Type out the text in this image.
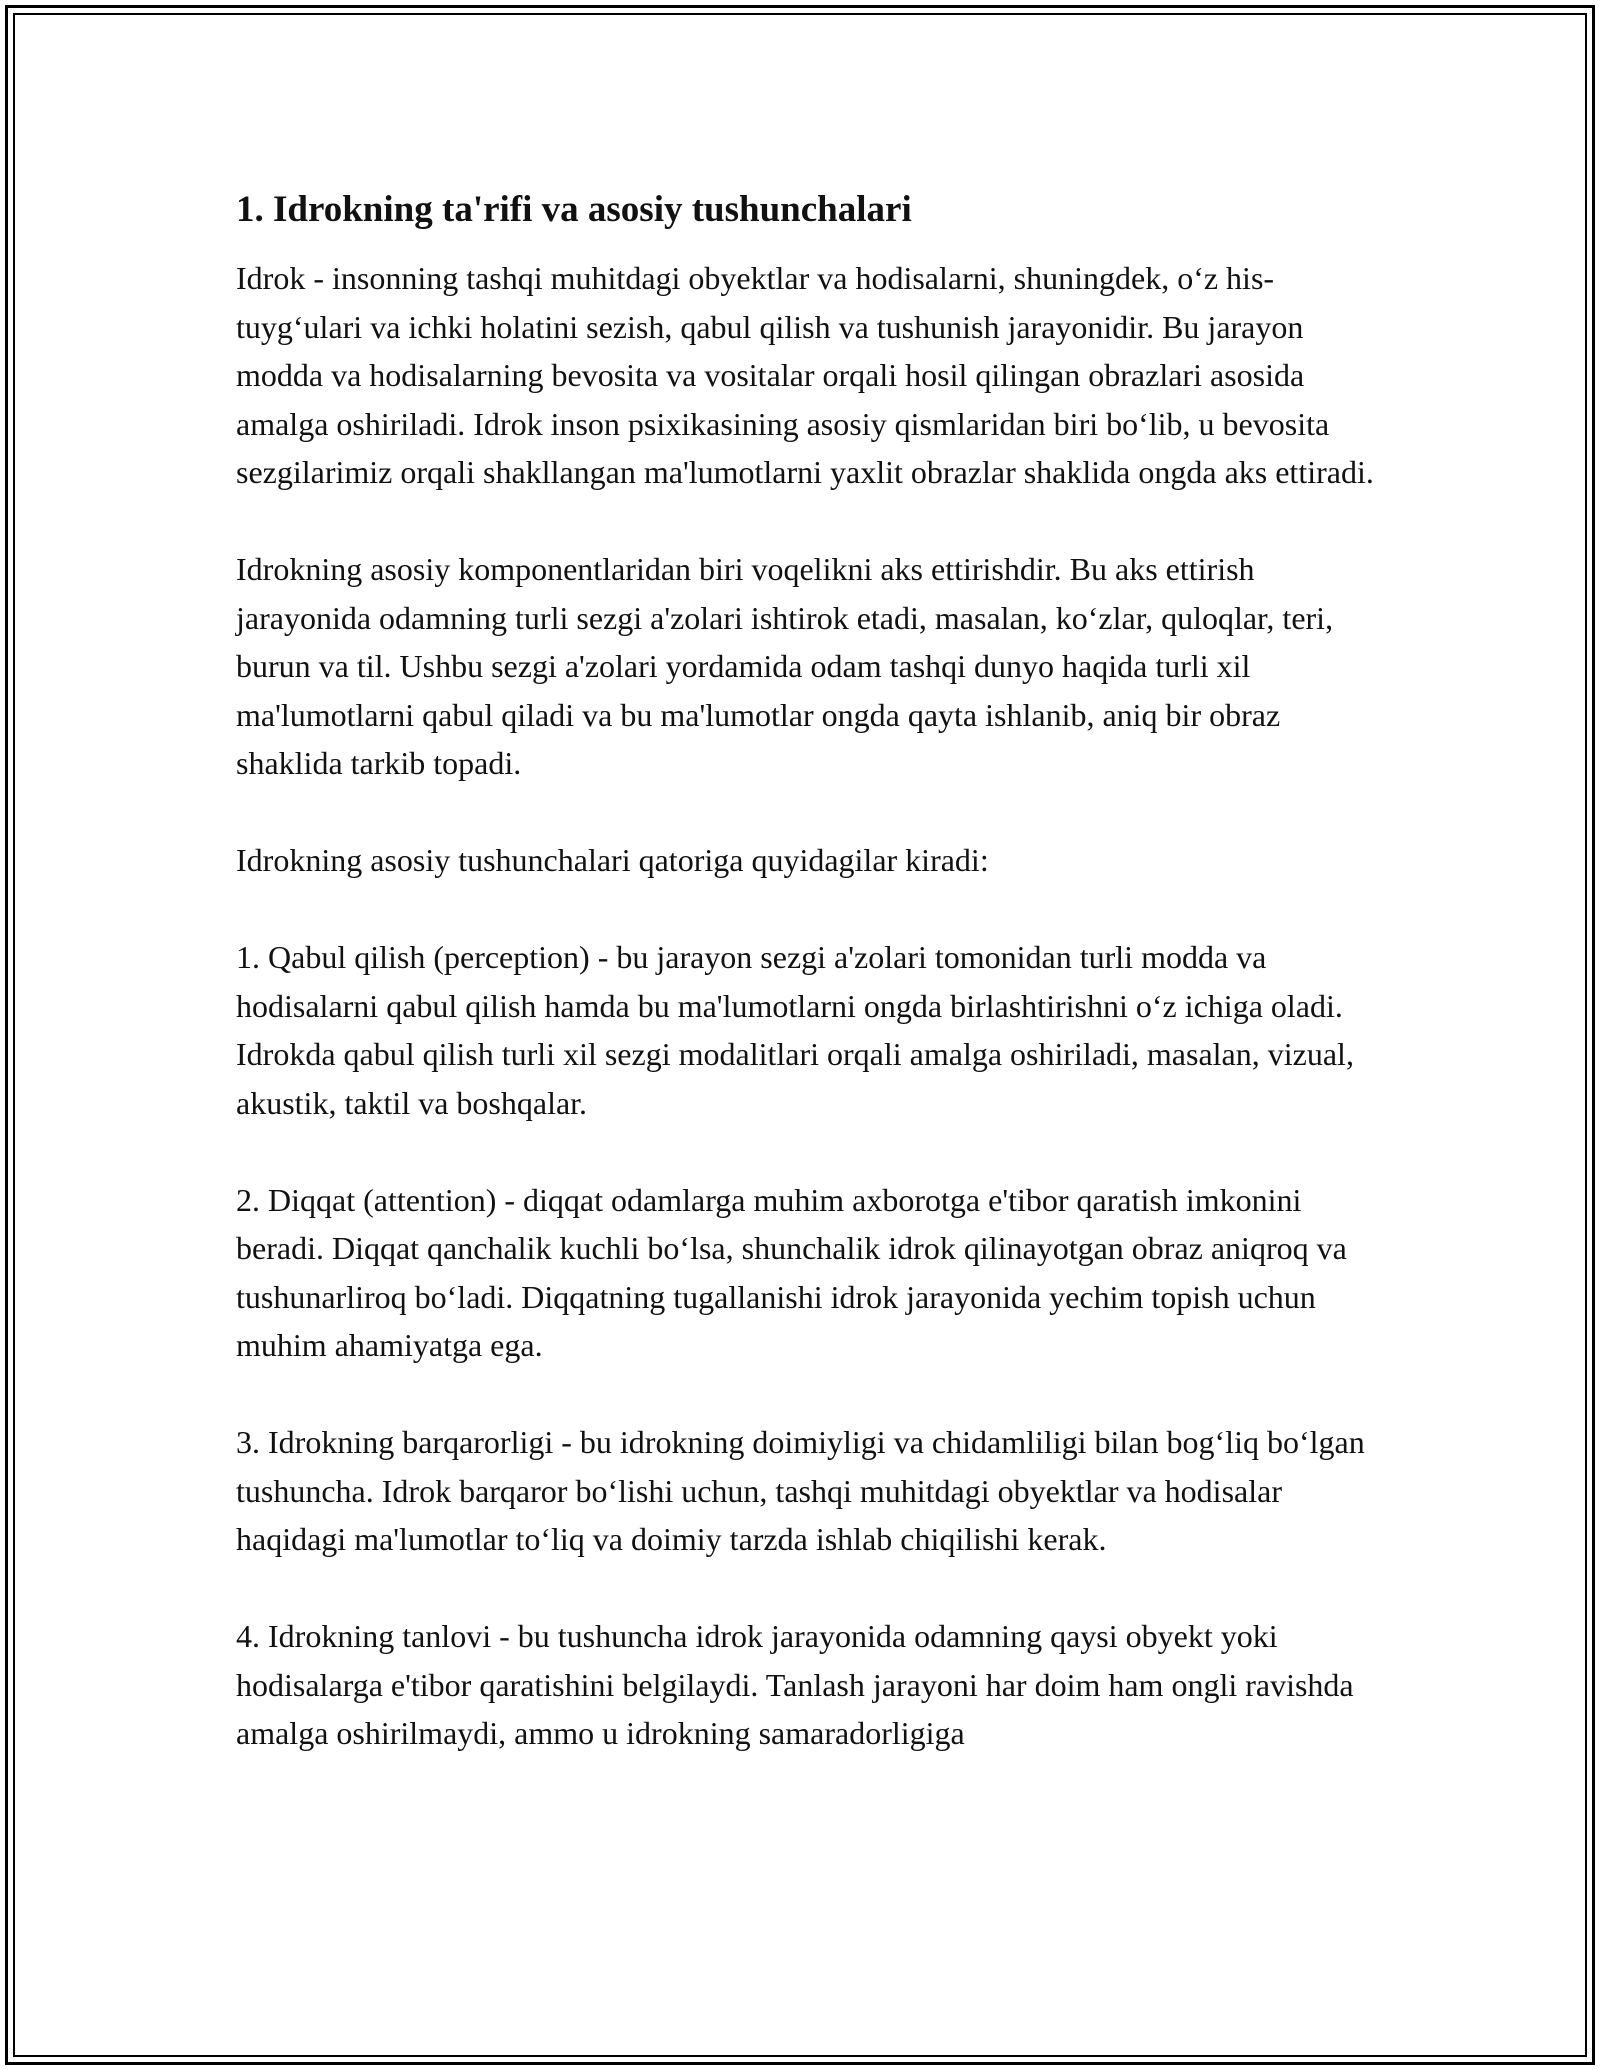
1. Idrokning ta'rifi va asosiy tushunchalari

Idrok - insonning tashqi muhitdagi obyektlar va hodisalarni, shuningdek, o‘z his-tuyg‘ulari va ichki holatini sezish, qabul qilish va tushunish jarayonidir. Bu jarayon modda va hodisalarning bevosita va vositalar orqali hosil qilingan obrazlari asosida amalga oshiriladi. Idrok inson psixikasining asosiy qismlaridan biri bo‘lib, u bevosita sezgilarimiz orqali shakllangan ma'lumotlarni yaxlit obrazlar shaklida ongda aks ettiradi.

Idrokning asosiy komponentlaridan biri voqelikni aks ettirishdir. Bu aks ettirish jarayonida odamning turli sezgi a'zolari ishtirok etadi, masalan, ko‘zlar, quloqlar, teri, burun va til. Ushbu sezgi a'zolari yordamida odam tashqi dunyo haqida turli xil ma'lumotlarni qabul qiladi va bu ma'lumotlar ongda qayta ishlanib, aniq bir obraz shaklida tarkib topadi.

Idrokning asosiy tushunchalari qatoriga quyidagilar kiradi:

1. Qabul qilish (perception) - bu jarayon sezgi a'zolari tomonidan turli modda va hodisalarni qabul qilish hamda bu ma'lumotlarni ongda birlashtirishni o‘z ichiga oladi. Idrokda qabul qilish turli xil sezgi modalitlari orqali amalga oshiriladi, masalan, vizual, akustik, taktil va boshqalar.

2. Diqqat (attention) - diqqat odamlarga muhim axborotga e'tibor qaratish imkonini beradi. Diqqat qanchalik kuchli bo‘lsa, shunchalik idrok qilinayotgan obraz aniqroq va tushunarliroq bo‘ladi. Diqqatning tugallanishi idrok jarayonida yechim topish uchun muhim ahamiyatga ega.

3. Idrokning barqarorligi - bu idrokning doimiyligi va chidamliligi bilan bog‘liq bo‘lgan tushuncha. Idrok barqaror bo‘lishi uchun, tashqi muhitdagi obyektlar va hodisalar haqidagi ma'lumotlar to‘liq va doimiy tarzda ishlab chiqilishi kerak.

4. Idrokning tanlovi - bu tushuncha idrok jarayonida odamning qaysi obyekt yoki hodisalarga e'tibor qaratishini belgilaydi. Tanlash jarayoni har doim ham ongli ravishda amalga oshirilmaydi, ammo u idrokning samaradorligiga
